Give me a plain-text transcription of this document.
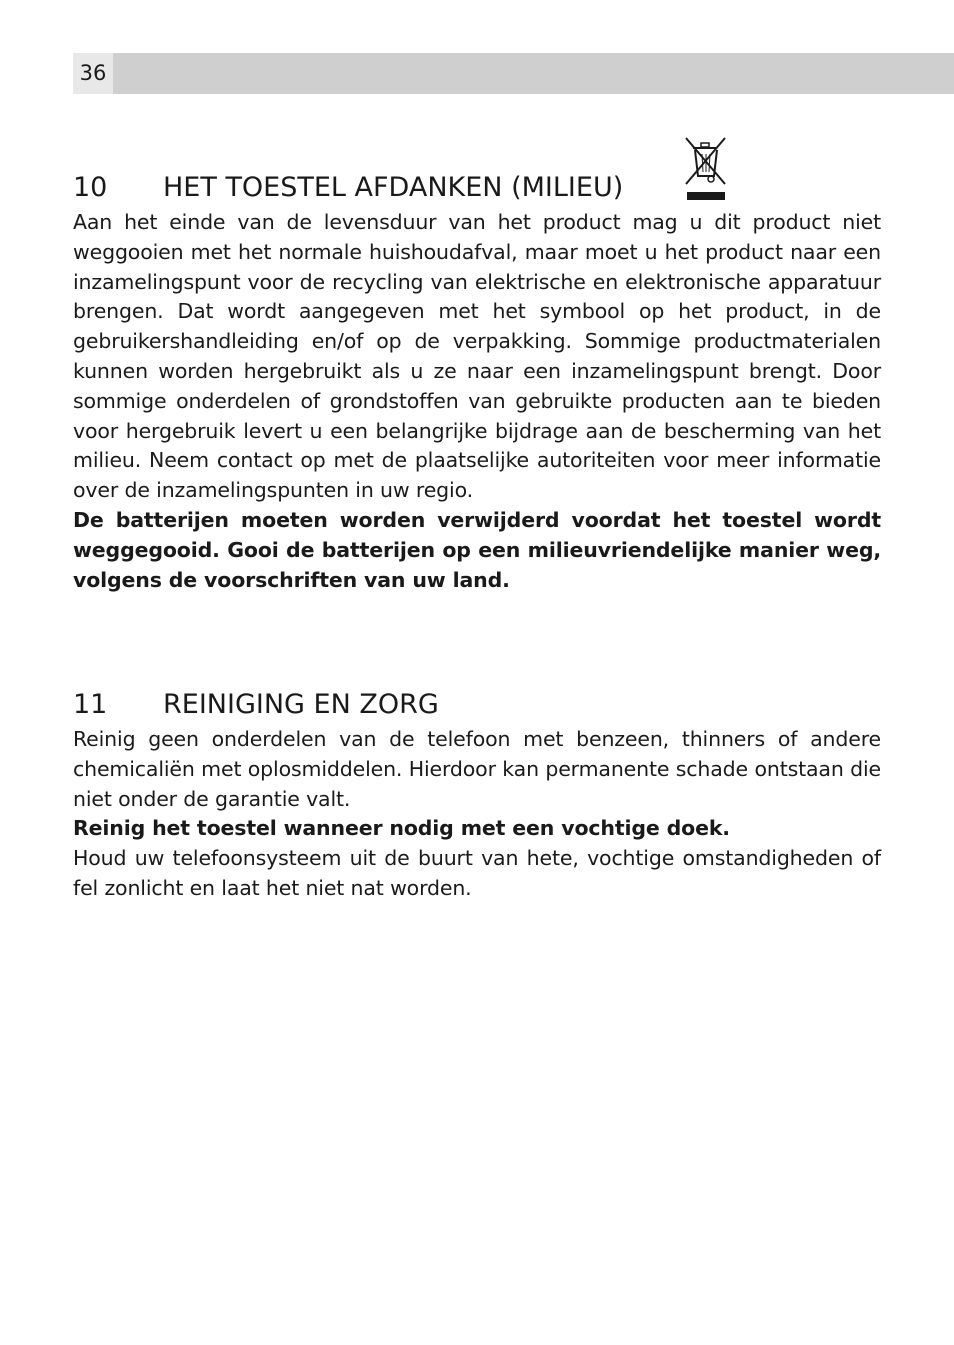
36
10 HET TOESTEL AFDANKEN (MILIEU)

Aan het einde van de levensduur van het product mag u dit product niet weggooien met het normale huishoudafval, maar moet u het product naar een inzamelingspunt voor de recycling van elektrische en elektronische apparatuur brengen. Dat wordt aangegeven met het symbool op het product, in de gebruikershandleiding en/of op de verpakking. Sommige productmaterialen kunnen worden hergebruikt als u ze naar een inzamelingspunt brengt. Door sommige onderdelen of grondstoffen van gebruikte producten aan te bieden voor hergebruik levert u een belangrijke bijdrage aan de bescherming van het milieu. Neem contact op met de plaatselijke autoriteiten voor meer informatie over de inzamelingspunten in uw regio.

De batterijen moeten worden verwijderd voordat het toestel wordt weggegooid. Gooi de batterijen op een milieuvriendelijke manier weg, volgens de voorschriften van uw land.

11 REINIGING EN ZORG

Reinig geen onderdelen van de telefoon met benzeen, thinners of andere chemicaliën met oplosmiddelen. Hierdoor kan permanente schade ontstaan die niet onder de garantie valt.

Reinig het toestel wanneer nodig met een vochtige doek.

Houd uw telefoonsysteem uit de buurt van hete, vochtige omstandigheden of fel zonlicht en laat het niet nat worden.
